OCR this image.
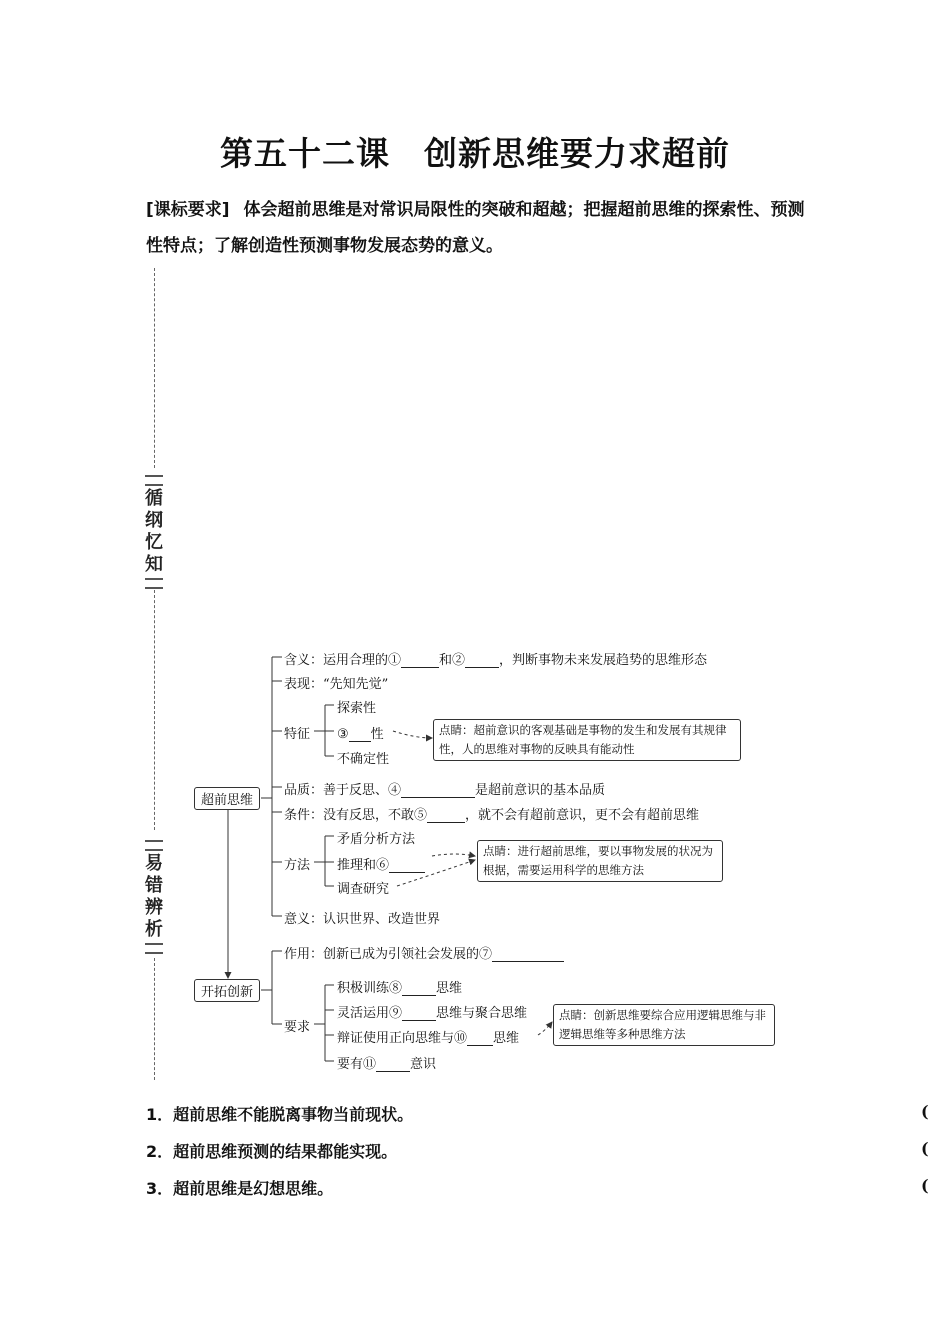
第五十二课　创新思维要力求超前
[课标要求] 体会超前思维是对常识局限性的突破和超越；把握超前思维的探索性、预测性特点；了解创造性预测事物发展态势的意义。
循纲忆知
易错辨析
超前思维
开拓创新
含义：运用合理的①	和②	，判断事物未来发展趋势的思维形态
表现：“先知先觉”
特征
探索性
③ 性
不确定性
点睛：超前意识的客观基础是事物的发生和发展有其规律性，人的思维对事物的反映具有能动性
品质：善于反思、④	是超前意识的基本品质
条件：没有反思，不敢⑤	，就不会有超前意识，更不会有超前思维
方法
矛盾分析方法
推理和⑥
调查研究
点睛：进行超前思维，要以事物发展的状况为根据，需要运用科学的思维方法
意义：认识世界、改造世界
作用：创新已成为引领社会发展的⑦
要求
积极训练⑧	思维
灵活运用⑨	思维与聚合思维
辩证使用正向思维与⑩ 思维
要有⑪	意识
点睛：创新思维要综合应用逻辑思维与非逻辑思维等多种思维方法
1．超前思维不能脱离事物当前现状。	(
2．超前思维预测的结果都能实现。	(
3．超前思维是幻想思维。	(
